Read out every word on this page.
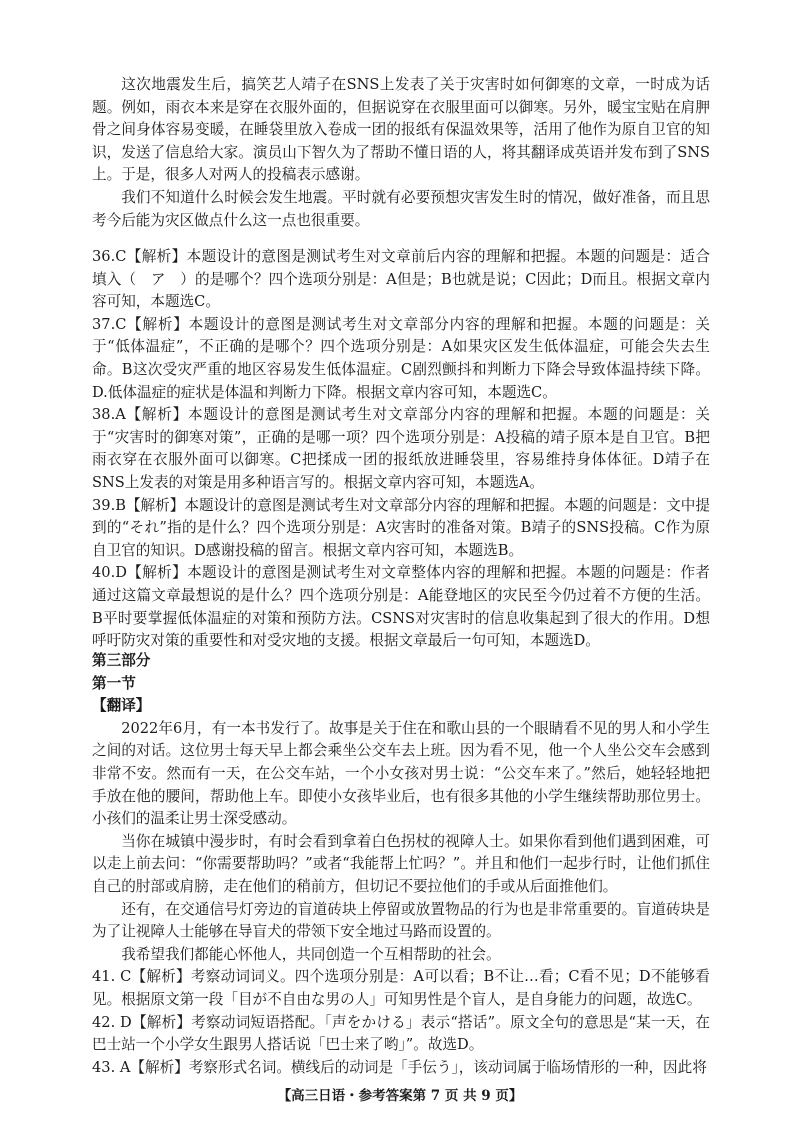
这次地震发生后，搞笑艺人靖子在SNS上发表了关于灾害时如何御寒的文章，一时成为话题。例如，雨衣本来是穿在衣服外面的，但据说穿在衣服里面可以御寒。另外，暖宝宝贴在肩胛骨之间身体容易变暖，在睡袋里放入卷成一团的报纸有保温效果等，活用了他作为原自卫官的知识，发送了信息给大家。演员山下智久为了帮助不懂日语的人，将其翻译成英语并发布到了SNS上。于是，很多人对两人的投稿表示感谢。

我们不知道什么时候会发生地震。平时就有必要预想灾害发生时的情况，做好准备，而且思考今后能为灾区做点什么这一点也很重要。

36.C【解析】本题设计的意图是测试考生对文章前后内容的理解和把握。本题的问题是：适合填入（　ア　）的是哪个？四个选项分别是：A但是；B也就是说；C因此；D而且。根据文章内容可知，本题选C。

37.C【解析】本题设计的意图是测试考生对文章部分内容的理解和把握。本题的问题是：关于“低体温症”，不正确的是哪个？四个选项分别是：A如果灾区发生低体温症，可能会失去生命。B这次受灾严重的地区容易发生低体温症。C剧烈颤抖和判断力下降会导致体温持续下降。D.低体温症的症状是体温和判断力下降。根据文章内容可知，本题选C。

38.A【解析】本题设计的意图是测试考生对文章部分内容的理解和把握。本题的问题是：关于“灾害时的御寒对策”，正确的是哪一项？四个选项分别是：A投稿的靖子原本是自卫官。B把雨衣穿在衣服外面可以御寒。C把揉成一团的报纸放进睡袋里，容易维持身体体征。D靖子在SNS上发表的对策是用多种语言写的。根据文章内容可知，本题选A。

39.B【解析】本题设计的意图是测试考生对文章部分内容的理解和把握。本题的问题是：文中提到的“それ”指的是什么？四个选项分别是：A灾害时的准备对策。B靖子的SNS投稿。C作为原自卫官的知识。D感谢投稿的留言。根据文章内容可知，本题选B。

40.D【解析】本题设计的意图是测试考生对文章整体内容的理解和把握。本题的问题是：作者通过这篇文章最想说的是什么？四个选项分别是：A能登地区的灾民至今仍过着不方便的生活。B平时要掌握低体温症的对策和预防方法。CSNS对灾害时的信息收集起到了很大的作用。D想呼吁防灾对策的重要性和对受灾地的支援。根据文章最后一句可知，本题选D。

第三部分

第一节

【翻译】

2022年6月，有一本书发行了。故事是关于住在和歌山县的一个眼睛看不见的男人和小学生之间的对话。这位男士每天早上都会乘坐公交车去上班。因为看不见，他一个人坐公交车会感到非常不安。然而有一天，在公交车站，一个小女孩对男士说：“公交车来了。”然后，她轻轻地把手放在他的腰间，帮助他上车。即使小女孩毕业后，也有很多其他的小学生继续帮助那位男士。小孩们的温柔让男士深受感动。

当你在城镇中漫步时，有时会看到拿着白色拐杖的视障人士。如果你看到他们遇到困难，可以走上前去问：“你需要帮助吗？”或者“我能帮上忙吗？”。并且和他们一起步行时，让他们抓住自己的肘部或肩膀，走在他们的稍前方，但切记不要拉他们的手或从后面推他们。

还有，在交通信号灯旁边的盲道砖块上停留或放置物品的行为也是非常重要的。盲道砖块是为了让视障人士能够在导盲犬的带领下安全地过马路而设置的。

我希望我们都能心怀他人，共同创造一个互相帮助的社会。

41. C【解析】考察动词词义。四个选项分别是：A可以看；B不让…看；C看不见；D不能够看见。根据原文第一段「目が不自由な男の人」可知男性是个盲人，是自身能力的问题，故选C。

42. D【解析】考察动词短语搭配。「声をかける」表示“搭话”。原文全句的意思是“某一天，在巴士站一个小学女生跟男人搭话说「巴士来了哟」”。故选D。

43. A【解析】考察形式名词。横线后的动词是「手伝う」，该动词属于临场情形的一种，因此将

【高三日语・参考答案第 7 页 共 9 页】
